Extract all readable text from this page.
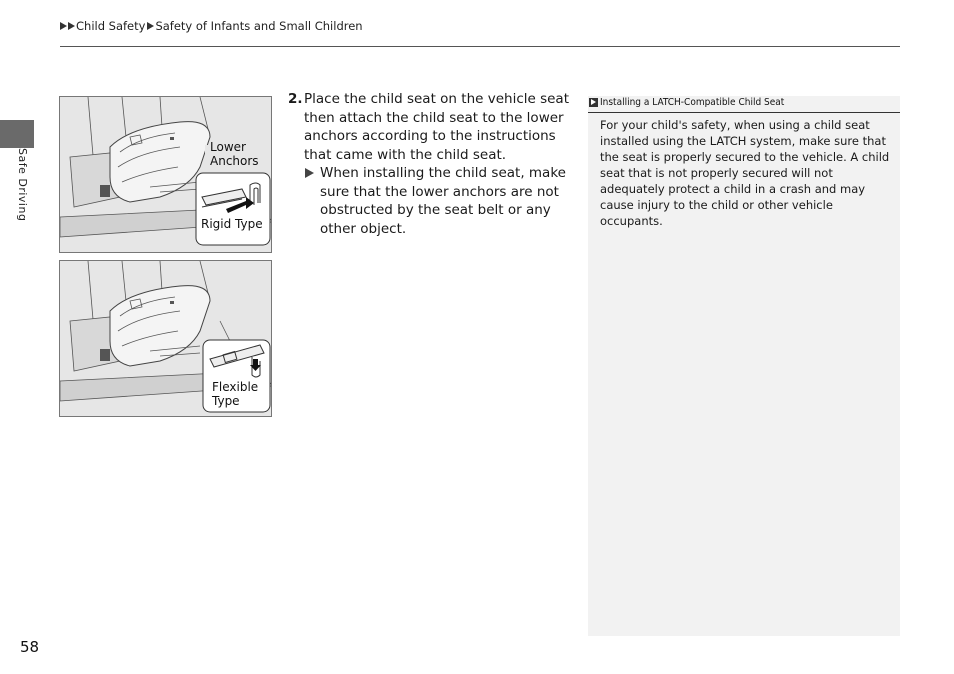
Child Safety Safety of Infants and Small Children
Safe Driving
Lower Anchors
Rigid Type
Flexible Type
2. Place the child seat on the vehicle seat then attach the child seat to the lower anchors according to the instructions that came with the child seat.
When installing the child seat, make sure that the lower anchors are not obstructed by the seat belt or any other object.
Installing a LATCH-Compatible Child Seat
For your child's safety, when using a child seat installed using the LATCH system, make sure that the seat is properly secured to the vehicle. A child seat that is not properly secured will not adequately protect a child in a crash and may cause injury to the child or other vehicle occupants.
58
